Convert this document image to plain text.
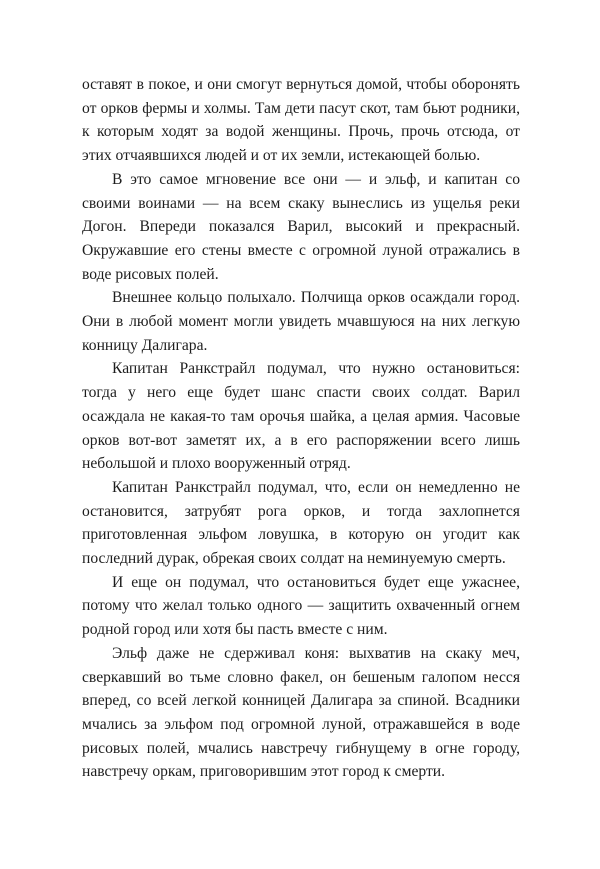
оставят в покое, и они смогут вернуться домой, чтобы оборонять от орков фермы и холмы. Там дети пасут скот, там бьют родники, к которым ходят за водой женщины. Прочь, прочь отсюда, от этих отчаявшихся людей и от их земли, истекающей болью.

В это самое мгновение все они — и эльф, и капитан со своими воинами — на всем скаку вынеслись из ущелья реки Догон. Впереди показался Варил, высокий и прекрасный. Окружавшие его стены вместе с огромной луной отражались в воде рисовых полей.

Внешнее кольцо полыхало. Полчища орков осаждали город. Они в любой момент могли увидеть мчавшуюся на них легкую конницу Далигара.

Капитан Ранкстрайл подумал, что нужно остановиться: тогда у него еще будет шанс спасти своих солдат. Варил осаждала не какая-то там орочья шайка, а целая армия. Часовые орков вот-вот заметят их, а в его распоряжении всего лишь небольшой и плохо вооруженный отряд.

Капитан Ранкстрайл подумал, что, если он немедленно не остановится, затрубят рога орков, и тогда захлопнется приготовленная эльфом ловушка, в которую он угодит как последний дурак, обрекая своих солдат на неминуемую смерть.

И еще он подумал, что остановиться будет еще ужаснее, потому что желал только одного — защитить охваченный огнем родной город или хотя бы пасть вместе с ним.

Эльф даже не сдерживал коня: выхватив на скаку меч, сверкавший во тьме словно факел, он бешеным галопом несся вперед, со всей легкой конницей Далигара за спиной. Всадники мчались за эльфом под огромной луной, отражавшейся в воде рисовых полей, мчались навстречу гибнущему в огне городу, навстречу оркам, приговорившим этот город к смерти.
